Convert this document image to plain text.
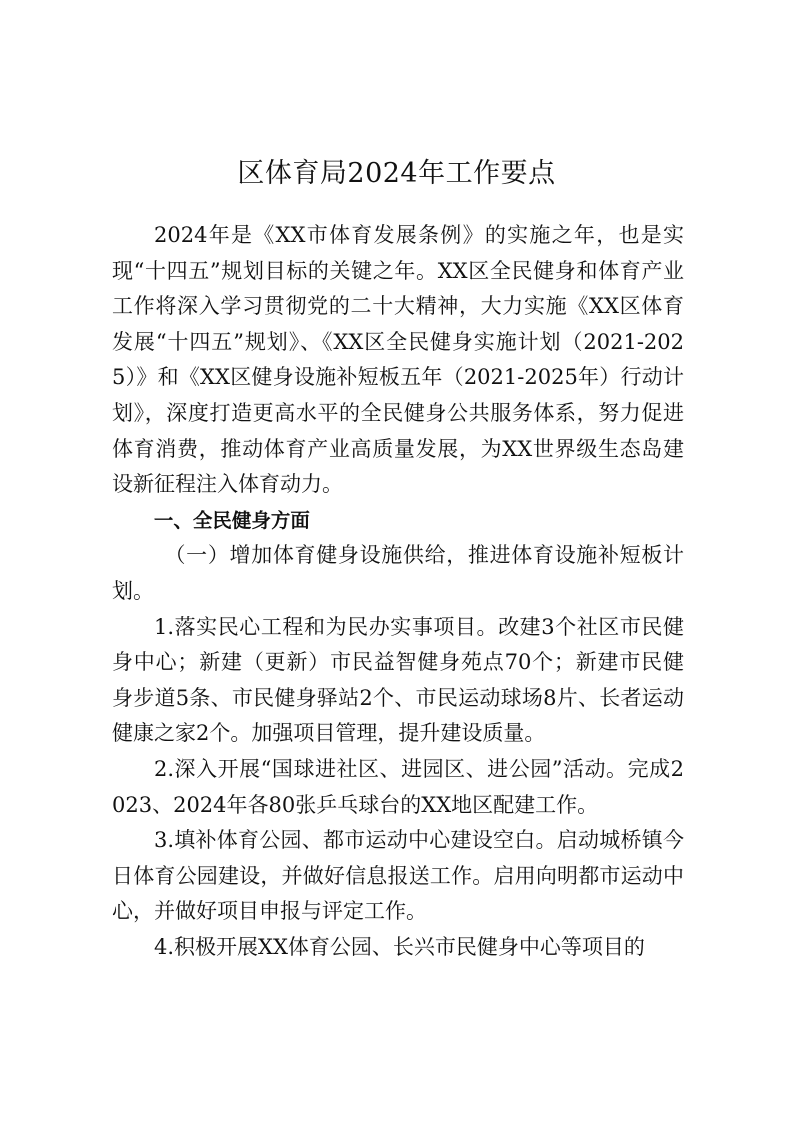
区体育局2024年工作要点

2024年是《XX市体育发展条例》的实施之年，也是实现“十四五”规划目标的关键之年。XX区全民健身和体育产业工作将深入学习贯彻党的二十大精神，大力实施《XX区体育发展“十四五”规划》、《XX区全民健身实施计划（2021-2025）》和《XX区健身设施补短板五年（2021-2025年）行动计划》，深度打造更高水平的全民健身公共服务体系，努力促进体育消费，推动体育产业高质量发展，为XX世界级生态岛建设新征程注入体育动力。

一、全民健身方面

（一）增加体育健身设施供给，推进体育设施补短板计划。

1.落实民心工程和为民办实事项目。改建3个社区市民健身中心；新建（更新）市民益智健身苑点70个；新建市民健身步道5条、市民健身驿站2个、市民运动球场8片、长者运动健康之家2个。加强项目管理，提升建设质量。

2.深入开展“国球进社区、进园区、进公园”活动。完成2023、2024年各80张乒乓球台的XX地区配建工作。

3.填补体育公园、都市运动中心建设空白。启动城桥镇今日体育公园建设，并做好信息报送工作。启用向明都市运动中心，并做好项目申报与评定工作。

4.积极开展XX体育公园、长兴市民健身中心等项目的
